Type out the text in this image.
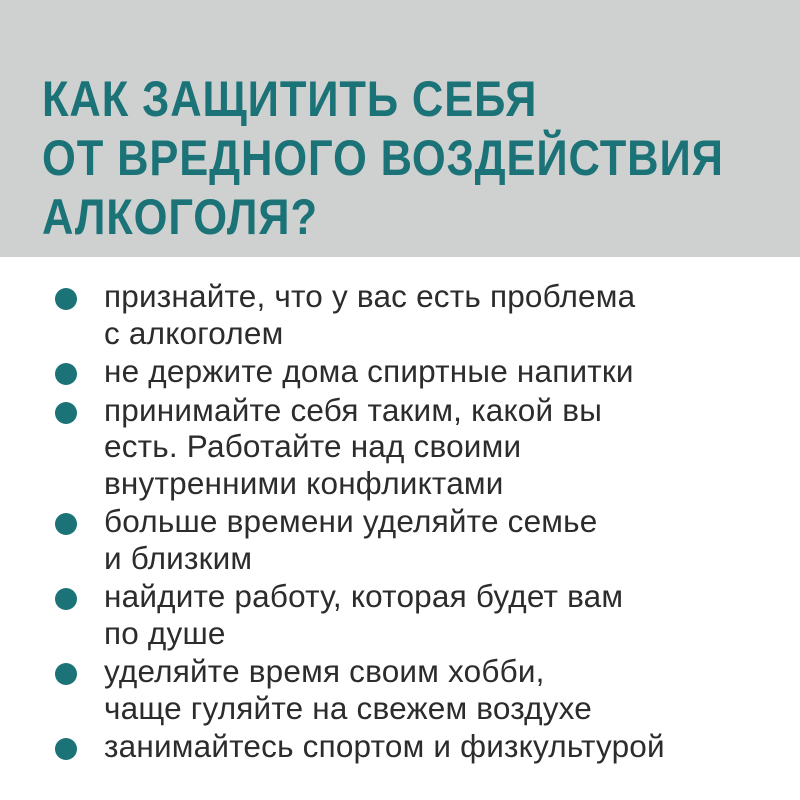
КАК ЗАЩИТИТЬ СЕБЯ
ОТ ВРЕДНОГО ВОЗДЕЙСТВИЯ
АЛКОГОЛЯ?
признайте, что у вас есть проблема
с алкоголем
не держите дома спиртные напитки
принимайте себя таким, какой вы
есть. Работайте над своими
внутренними конфликтами
больше времени уделяйте семье
и близким
найдите работу, которая будет вам
по душе
уделяйте время своим хобби,
чаще гуляйте на свежем воздухе
занимайтесь спортом и физкультурой
